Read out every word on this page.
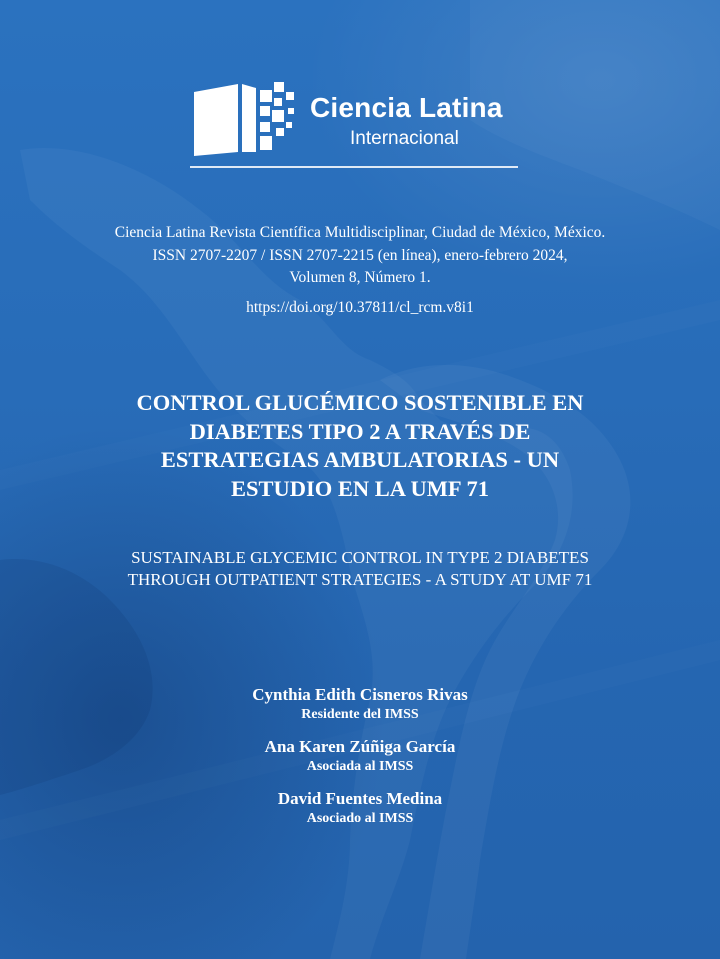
Ciencia Latina
Internacional
Ciencia Latina Revista Científica Multidisciplinar, Ciudad de México, México.
ISSN 2707-2207 / ISSN 2707-2215 (en línea), enero-febrero 2024,
Volumen 8, Número 1.
https://doi.org/10.37811/cl_rcm.v8i1
CONTROL GLUCÉMICO SOSTENIBLE EN
DIABETES TIPO 2 A TRAVÉS DE
ESTRATEGIAS AMBULATORIAS - UN
ESTUDIO EN LA UMF 71
SUSTAINABLE GLYCEMIC CONTROL IN TYPE 2 DIABETES
THROUGH OUTPATIENT STRATEGIES - A STUDY AT UMF 71
Cynthia Edith Cisneros Rivas
Residente del IMSS
Ana Karen Zúñiga García
Asociada al IMSS
David Fuentes Medina
Asociado al IMSS
